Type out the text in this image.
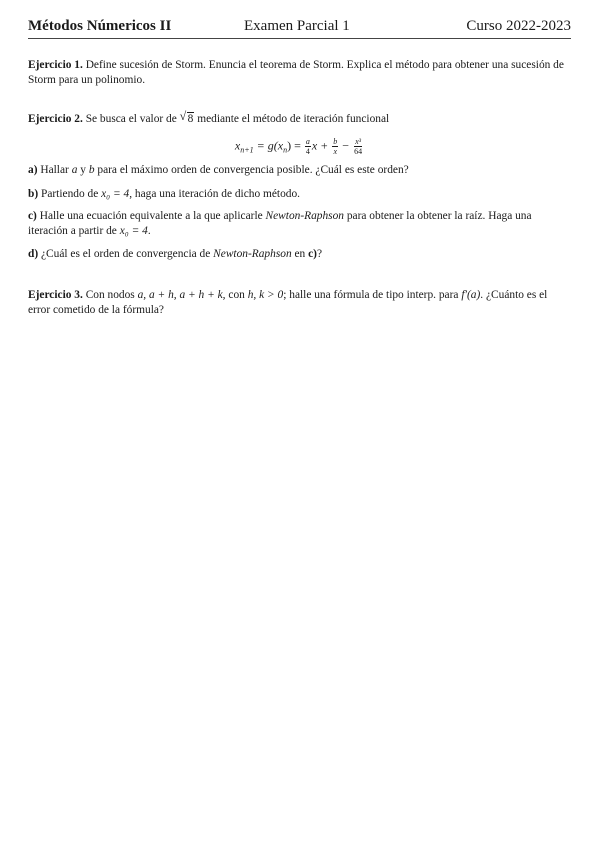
Métodos Númericos II	Examen Parcial 1	Curso 2022-2023
Ejercicio 1. Define sucesión de Storm. Enuncia el teorema de Storm. Explica el método para obtener una sucesión de Storm para un polinomio.
Ejercicio 2. Se busca el valor de √ 8 mediante el método de iteración funcional
$x_{n+1} = g(x_n) = \frac{a}{4}$ $x + \frac{b}{x} - \frac{\text{x³}}{64}$
a) Hallar a y b para el máximo orden de convergencia posible. ¿Cuál es este orden?
b) Partiendo de x₀ = 4, haga una iteración de dicho método.
c) Halle una ecuación equivalente a la que aplicarle Newton-Raphson para obtener la obtener la raíz. Haga una iteración a partir de x₀ = 4.
d) ¿Cuál es el orden de convergencia de Newton-Raphson en c)?
Ejercicio 3. Con nodos a, a + h, a + h + k, con h, k > 0; halle una fórmula de tipo interp. para f′(a). ¿Cuánto es el error cometido de la fórmula?
